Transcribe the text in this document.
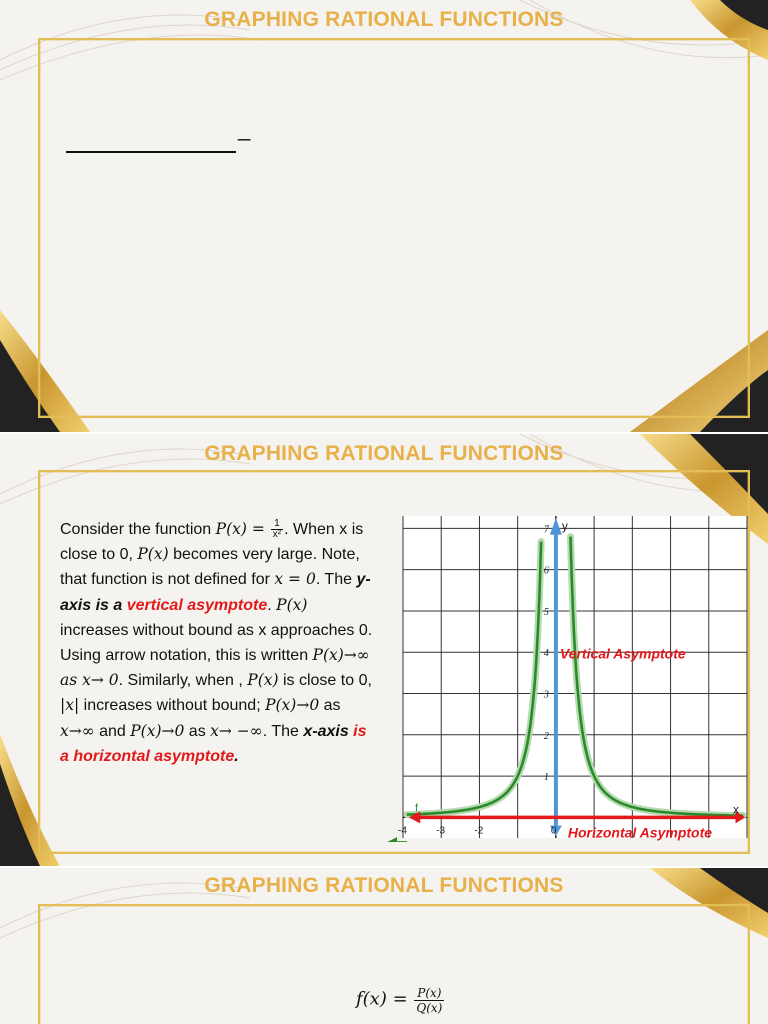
GRAPHING RATIONAL FUNCTIONS
_
GRAPHING RATIONAL FUNCTIONS
Consider the function $P(x) = \frac{1}{\text{x²}}$ . When x is close to 0, P(x) becomes very large. Note, that function is not defined for x = 0. The y-axis is a vertical asymptote. P(x) increases without bound as x approaches 0. Using arrow notation, this is written P(x)→∞ as x→ 0. Similarly, when , P(x) is close to 0, |x| increases without bound; P(x)→0 as x→∞ and P(x)→0 as x→ −∞. The x-axis is a horizontal asymptote.
-4	-3	-2	0
1
2
3
4
5
6
7
x
y
f
Vertical Asymptote
Horizontal Asymptote
GRAPHING RATIONAL FUNCTIONS
$f(x) = \frac{P(x)}{Q(x)}$
